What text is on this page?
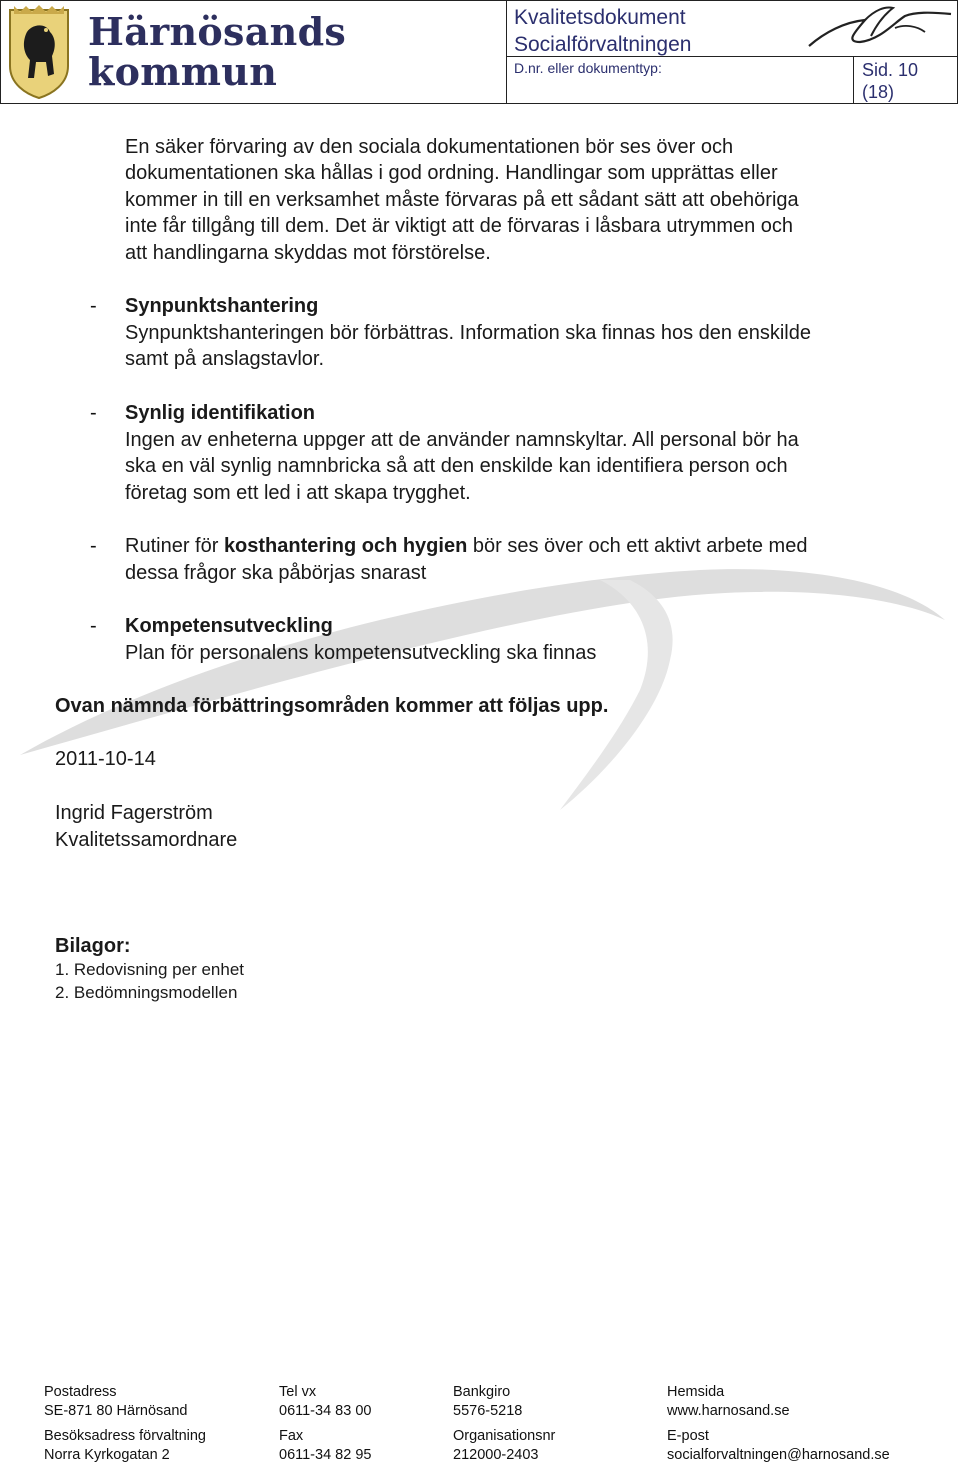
Härnösands
kommun
Kvalitetsdokument
Socialförvaltningen
D.nr. eller dokumenttyp:	Sid. 10
(18)
En säker förvaring av den sociala dokumentationen bör ses över och
dokumentationen ska hållas i god ordning. Handlingar som upprättas eller
kommer in till en verksamhet måste förvaras på ett sådant sätt att obehöriga
inte får tillgång till dem. Det är viktigt att de förvaras i låsbara utrymmen och
att handlingarna skyddas mot förstörelse.
- Synpunktshantering
Synpunktshanteringen bör förbättras. Information ska finnas hos den enskilde
samt på anslagstavlor.
- Synlig identifikation
Ingen av enheterna uppger att de använder namnskyltar. All personal bör ha
ska en väl synlig namnbricka så att den enskilde kan identifiera person och
företag som ett led i att skapa trygghet.
- Rutiner för kosthantering och hygien bör ses över och ett aktivt arbete med
dessa frågor ska påbörjas snarast
- Kompetensutveckling
Plan för personalens kompetensutveckling ska finnas
Ovan nämnda förbättringsområden kommer att följas upp.
2011-10-14
Ingrid Fagerström
Kvalitetssamordnare
Bilagor:
1. Redovisning per enhet
2. Bedömningsmodellen
Postadress
SE-871 80 Härnösand
Besöksadress förvaltning
Norra Kyrkogatan 2
Tel vx
0611-34 83 00
Fax
0611-34 82 95
Bankgiro
5576-5218
Organisationsnr
212000-2403
Hemsida
www.harnosand.se
E-post
socialforvaltningen@harnosand.se
